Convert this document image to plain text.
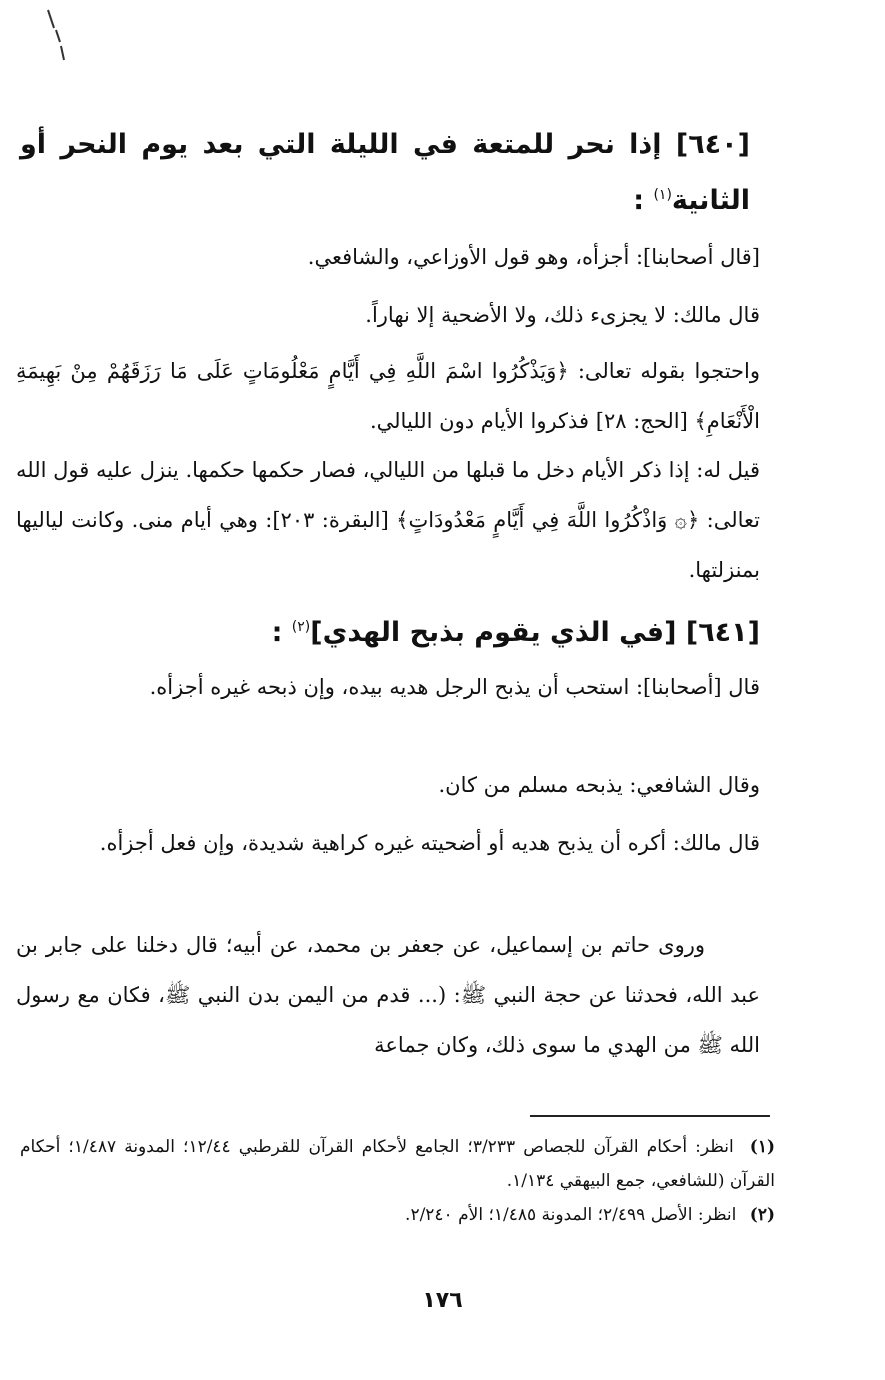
[٦٤٠] إذا نحر للمتعة في الليلة التي بعد يوم النحر أو الثانية$^{(١)}$ :
[قال أصحابنا]: أجزأه، وهو قول الأوزاعي، والشافعي.
قال مالك: لا يجزىء ذلك، ولا الأضحية إلا نهاراً.
واحتجوا بقوله تعالى: ﴿وَيَذْكُرُوا اسْمَ اللَّهِ فِي أَيَّامٍ مَعْلُومَاتٍ عَلَى مَا رَزَقَهُمْ مِنْ بَهِيمَةِ الْأَنْعَامِ﴾ [الحج: ٢٨] فذكروا الأيام دون الليالي.
قيل له: إذا ذكر الأيام دخل ما قبلها من الليالي، فصار حكمها حكمها. ينزل عليه قول الله تعالى: ﴿۞ وَاذْكُرُوا اللَّهَ فِي أَيَّامٍ مَعْدُودَاتٍ﴾ [البقرة: ٢٠٣]: وهي أيام منى. وكانت لياليها بمنزلتها.
[٦٤١] [في الذي يقوم بذبح الهدي]$^{(٢)}$ :
قال [أصحابنا]: استحب أن يذبح الرجل هديه بيده، وإن ذبحه غيره أجزأه.
وقال الشافعي: يذبحه مسلم من كان.
قال مالك: أكره أن يذبح هديه أو أضحيته غيره كراهية شديدة، وإن فعل أجزأه.
وروى حاتم بن إسماعيل، عن جعفر بن محمد، عن أبيه؛ قال دخلنا على جابر بن عبد الله، فحدثنا عن حجة النبي ﷺ: (... قدم من اليمن بدن النبي ﷺ، فكان مع رسول الله ﷺ من الهدي ما سوى ذلك، وكان جماعة
(١) انظر: أحكام القرآن للجصاص ٣/٢٣٣؛ الجامع لأحكام القرآن للقرطبي ١٢/٤٤؛ المدونة ١/٤٨٧؛ أحكام القرآن (للشافعي، جمع البيهقي ١/١٣٤.
(٢) انظر: الأصل ٢/٤٩٩؛ المدونة ١/٤٨٥؛ الأم ٢/٢٤٠.
١٧٦
